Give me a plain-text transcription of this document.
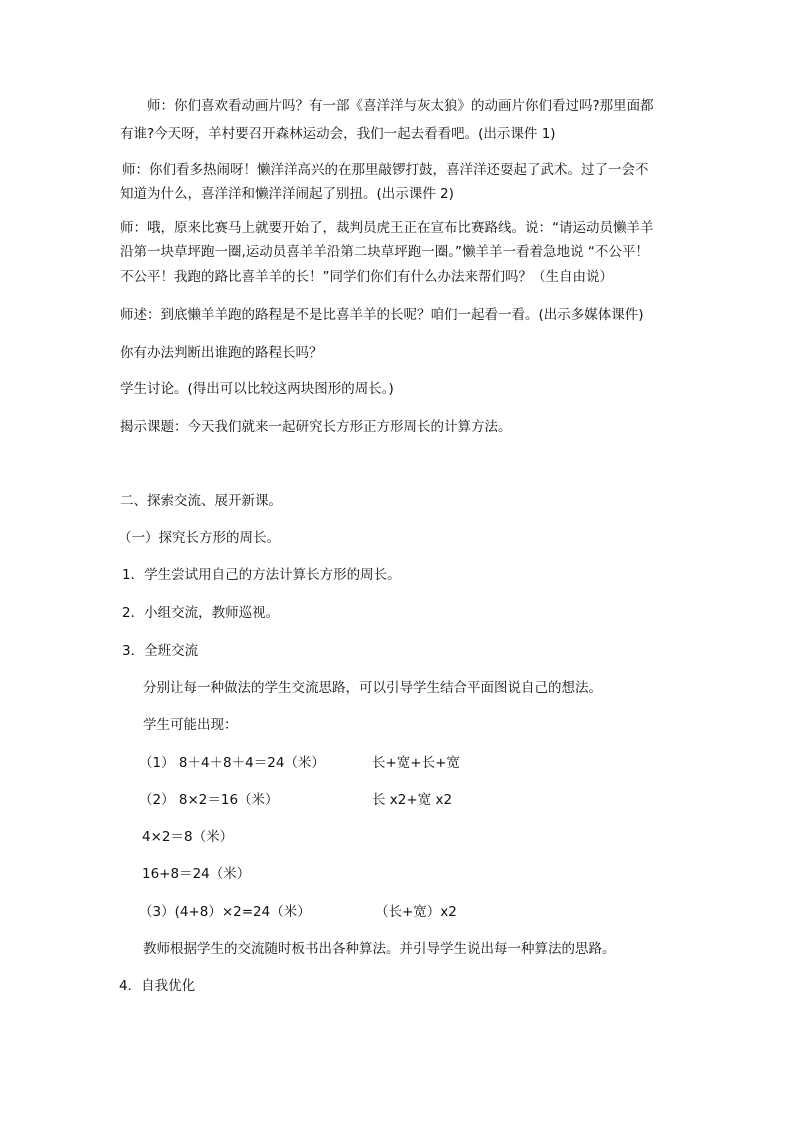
师：你们喜欢看动画片吗？有一部《喜洋洋与灰太狼》的动画片你们看过吗?那里面都
有谁?今天呀，羊村要召开森林运动会，我们一起去看看吧。(出示课件 1)
师：你们看多热闹呀！懒洋洋高兴的在那里敲锣打鼓，喜洋洋还耍起了武术。过了一会不
知道为什么，喜洋洋和懒洋洋闹起了别扭。(出示课件 2)
师：哦，原来比赛马上就要开始了，裁判员虎王正在宣布比赛路线。说：“请运动员懒羊羊
沿第一块草坪跑一圈,运动员喜羊羊沿第二块草坪跑一圈。”懒羊羊一看着急地说 “不公平！
不公平！我跑的路比喜羊羊的长！”同学们你们有什么办法来帮们吗？（生自由说）
师述：到底懒羊羊跑的路程是不是比喜羊羊的长呢？咱们一起看一看。(出示多媒体课件)
你有办法判断出谁跑的路程长吗？
学生讨论。(得出可以比较这两块图形的周长。)
揭示课题：今天我们就来一起研究长方形正方形周长的计算方法。
二、探索交流、展开新课。
（一）探究长方形的周长。
1．学生尝试用自己的方法计算长方形的周长。
2．小组交流，教师巡视。
3．全班交流
分别让每一种做法的学生交流思路，可以引导学生结合平面图说自己的想法。
学生可能出现：
（1） 8＋4＋8＋4＝24（米）	长+宽+长+宽
（2） 8×2＝16（米）	长 x2+宽 x2
4×2＝8（米）
16+8＝24（米）
（3）(4+8）×2=24（米）	（长+宽）x2
教师根据学生的交流随时板书出各种算法。并引导学生说出每一种算法的思路。
4．自我优化
